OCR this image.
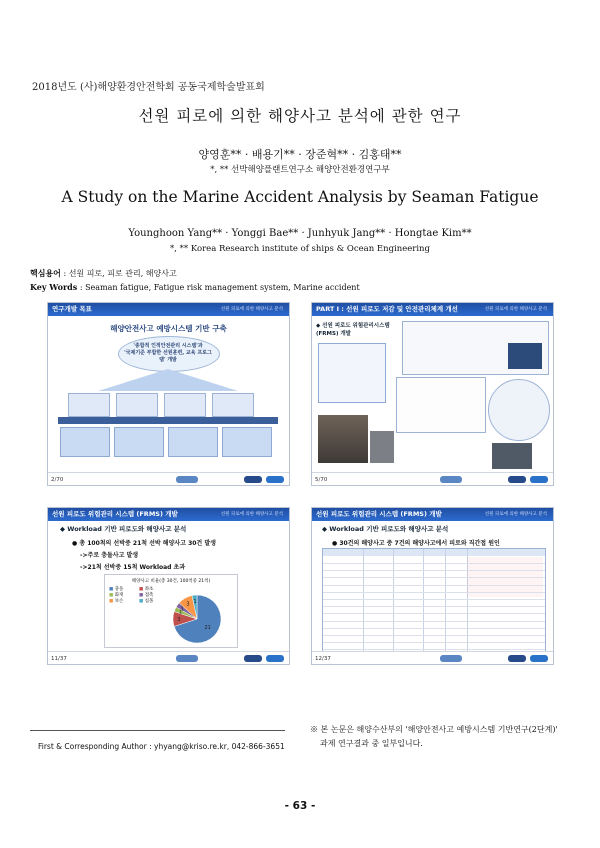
2018년도 (사)해양환경안전학회 공동국제학술발표회
선원 피로에 의한 해양사고 분석에 관한 연구
양영훈** · 배용기** · 장준혁** · 김홍태**
*, ** 선박해양플랜트연구소 해양안전환경연구부
A Study on the Marine Accident Analysis by Seaman Fatigue
Younghoon Yang** · Yonggi Bae** · Junhyuk Jang** · Hongtae Kim**
*, ** Korea Research institute of ships & Ocean Engineering
핵심용어 : 선원 피로, 피로 관리, 해양사고
Key Words : Seaman fatigue, Fatigue risk management system, Marine accident
연구개발 목표	선원 피로에 의한 해양사고 분석
해양안전사고 예방시스템 기반 구축
'종합적 인적안전관리 시스템'과
'국제기준 부합한 선원훈련, 교육 프로그램' 개발
2/70
PART I : 선원 피로도 저감 및 안전관리체계 개선	선원 피로에 의한 해양사고 분석
◆ 선원 피로도 위험관리시스템 (FRMS) 개발
5/70
선원 피로도 위험관리 시스템 (FRMS) 개발	선원 피로에 의한 해양사고 분석
◆ Workload 기반 피로도와 해양사고 분석
● 총 100척의 선박중 21척 선박 해양사고 30건 발생
->주로 충돌사고 발생
->21척 선박중 15척 Workload 초과
해양사고 비율(총 30건, 100척중 21척)
■ 충돌	■ 좌초■ 화재	■ 접촉■ 보손	■ 침몰
21
3
1
1
3 1
11/37
선원 피로도 위험관리 시스템 (FRMS) 개발	선원 피로에 의한 해양사고 분석
◆ Workload 기반 피로도와 해양사고 분석
● 30건의 해양사고 중 7건의 해양사고에서 피로와 직간접 원인
12/37
First & Corresponding Author : yhyang@kriso.re.kr, 042-866-3651
※ 본 논문은 해양수산부의 '해양안전사고 예방시스템 기반연구(2단계)'
과제 연구결과 중 일부입니다.
- 63 -
